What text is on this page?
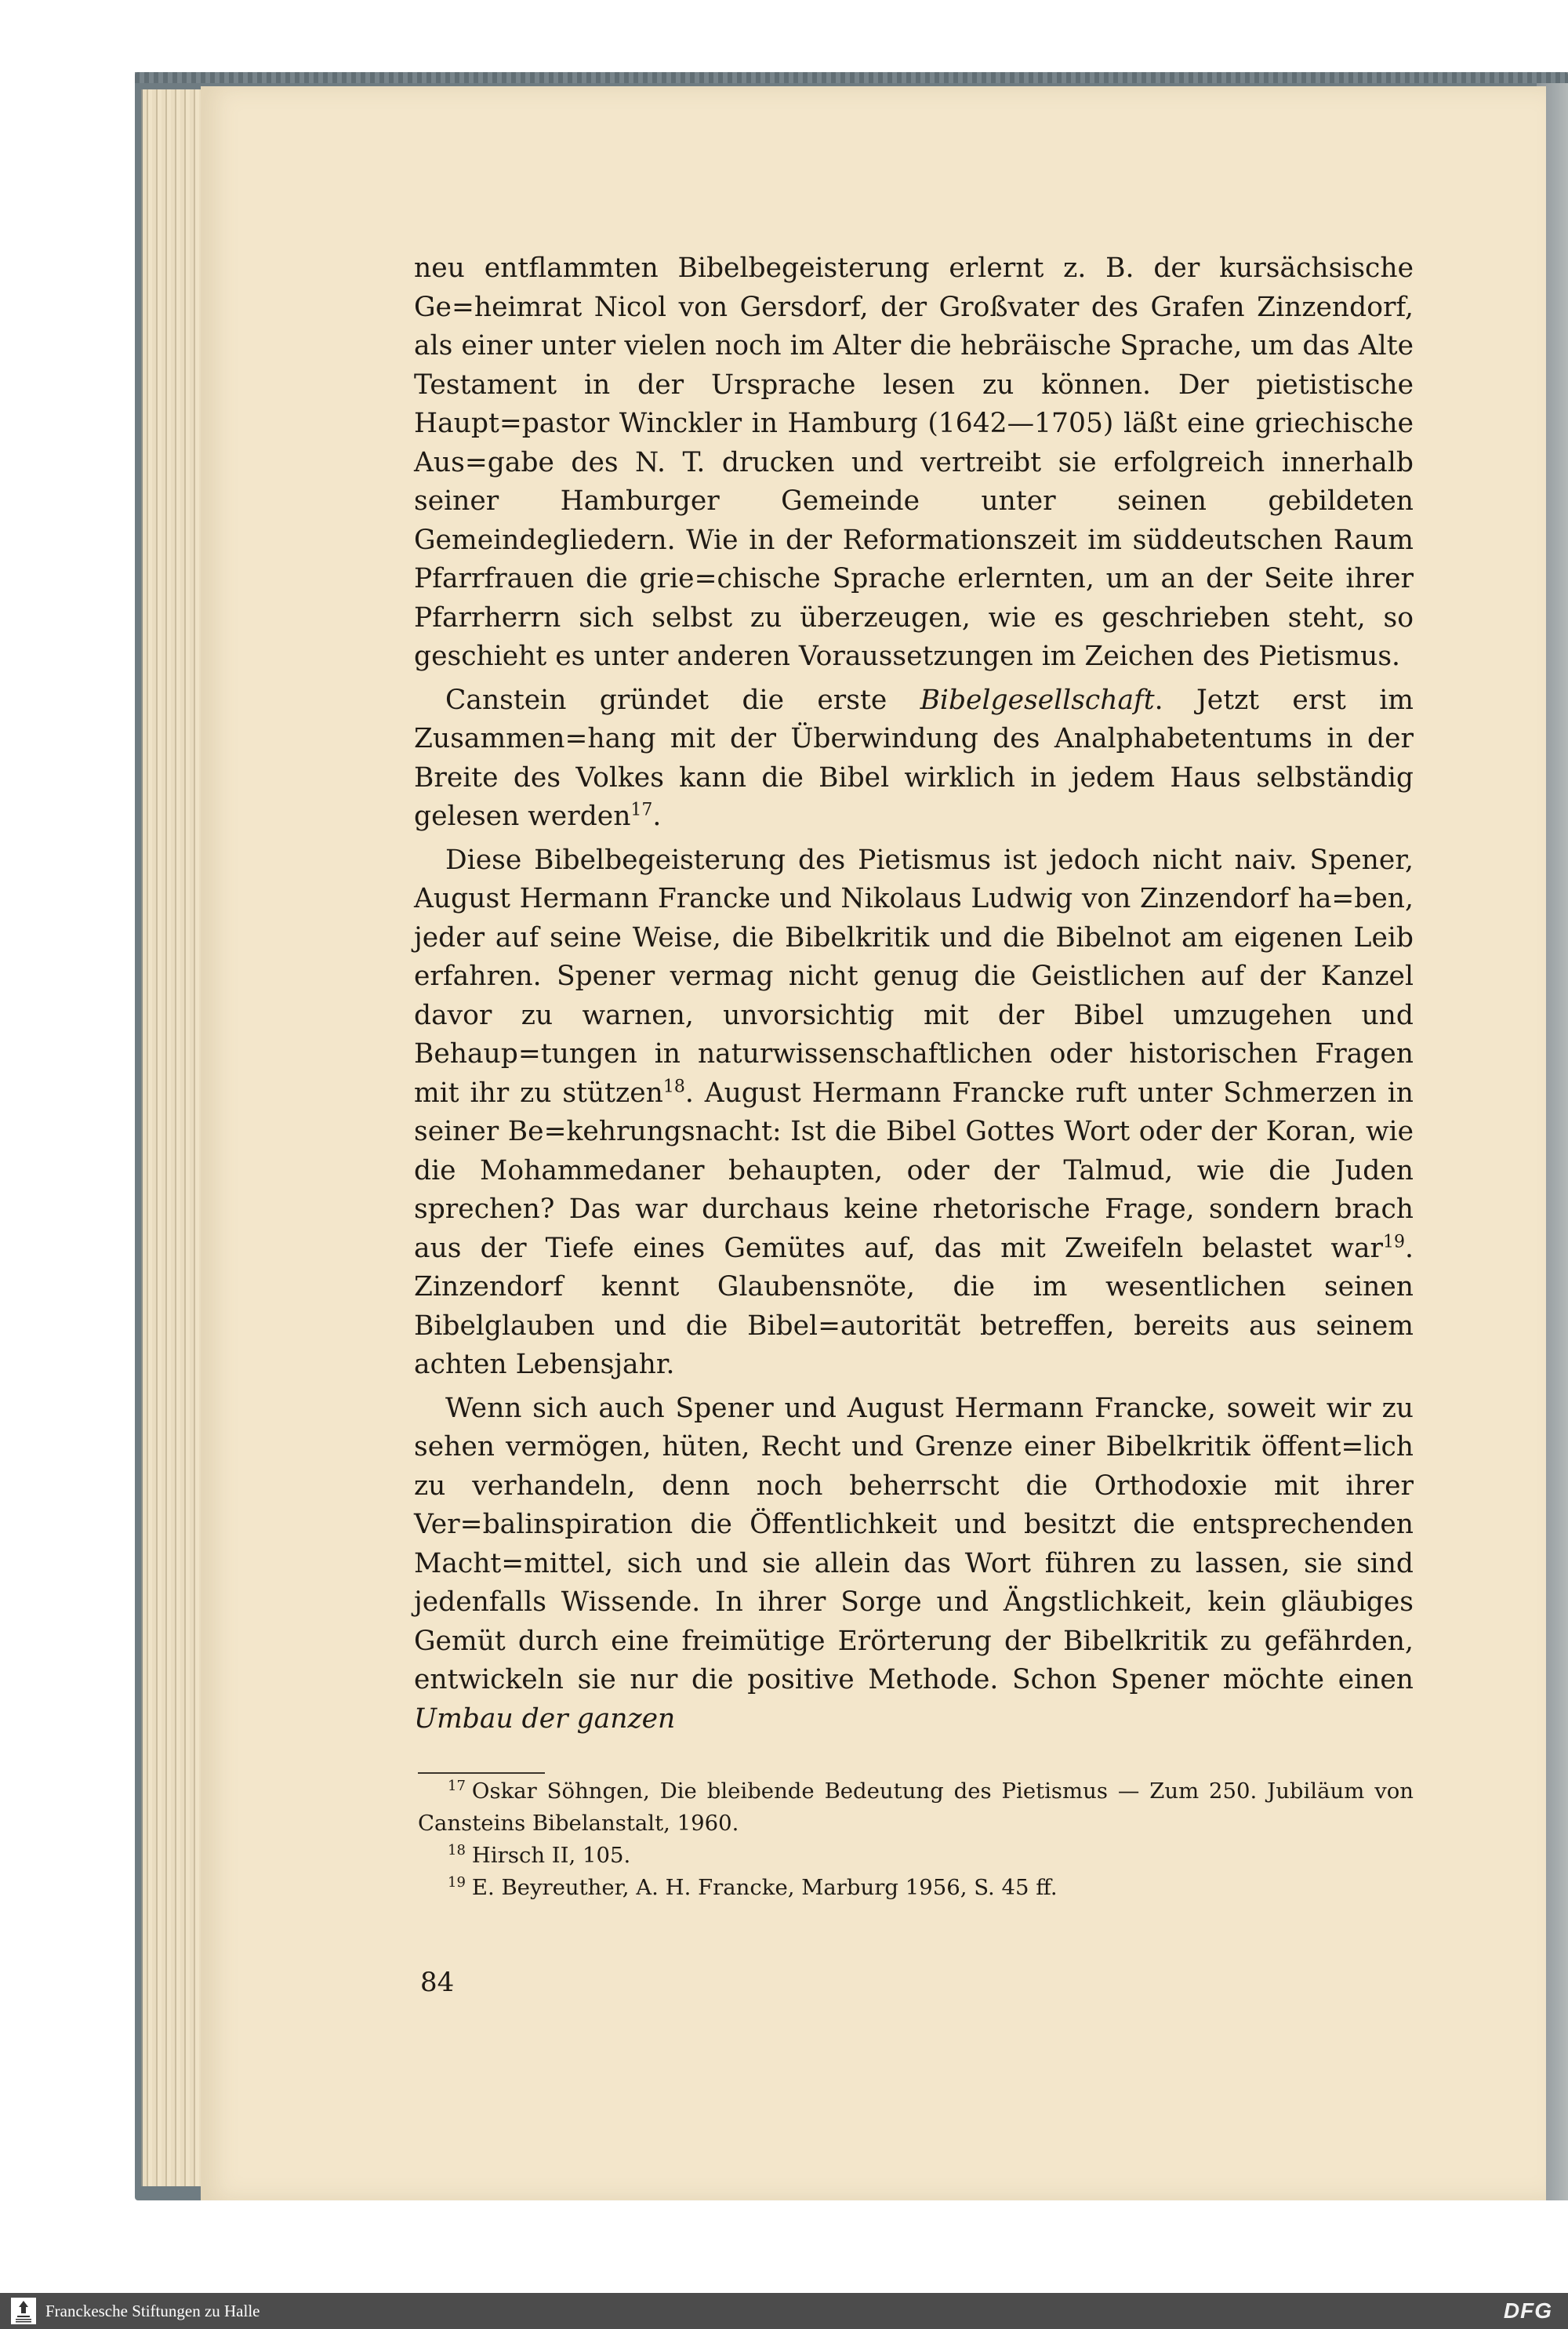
neu entflammten Bibelbegeisterung erlernt z. B. der kursächsische Ge=heimrat Nicol von Gersdorf, der Großvater des Grafen Zinzendorf, als einer unter vielen noch im Alter die hebräische Sprache, um das Alte Testament in der Ursprache lesen zu können. Der pietistische Haupt=pastor Winckler in Hamburg (1642—1705) läßt eine griechische Aus=gabe des N. T. drucken und vertreibt sie erfolgreich innerhalb seiner Hamburger Gemeinde unter seinen gebildeten Gemeindegliedern. Wie in der Reformationszeit im süddeutschen Raum Pfarrfrauen die grie=chische Sprache erlernten, um an der Seite ihrer Pfarrherrn sich selbst zu überzeugen, wie es geschrieben steht, so geschieht es unter anderen Voraussetzungen im Zeichen des Pietismus.

Canstein gründet die erste Bibelgesellschaft. Jetzt erst im Zusammen=hang mit der Überwindung des Analphabetentums in der Breite des Volkes kann die Bibel wirklich in jedem Haus selbständig gelesen werden$^{17}$.

Diese Bibelbegeisterung des Pietismus ist jedoch nicht naiv. Spener, August Hermann Francke und Nikolaus Ludwig von Zinzendorf ha=ben, jeder auf seine Weise, die Bibelkritik und die Bibelnot am eigenen Leib erfahren. Spener vermag nicht genug die Geistlichen auf der Kanzel davor zu warnen, unvorsichtig mit der Bibel umzugehen und Behaup=tungen in naturwissenschaftlichen oder historischen Fragen mit ihr zu stützen$^{18}$. August Hermann Francke ruft unter Schmerzen in seiner Be=kehrungsnacht: Ist die Bibel Gottes Wort oder der Koran, wie die Mohammedaner behaupten, oder der Talmud, wie die Juden sprechen? Das war durchaus keine rhetorische Frage, sondern brach aus der Tiefe eines Gemütes auf, das mit Zweifeln belastet war$^{19}$. Zinzendorf kennt Glaubensnöte, die im wesentlichen seinen Bibelglauben und die Bibel=autorität betreffen, bereits aus seinem achten Lebensjahr.

Wenn sich auch Spener und August Hermann Francke, soweit wir zu sehen vermögen, hüten, Recht und Grenze einer Bibelkritik öffent=lich zu verhandeln, denn noch beherrscht die Orthodoxie mit ihrer Ver=balinspiration die Öffentlichkeit und besitzt die entsprechenden Macht=mittel, sich und sie allein das Wort führen zu lassen, sie sind jedenfalls Wissende. In ihrer Sorge und Ängstlichkeit, kein gläubiges Gemüt durch eine freimütige Erörterung der Bibelkritik zu gefährden, entwickeln sie nur die positive Methode. Schon Spener möchte einen Umbau der ganzen

$^{17}$ Oskar Söhngen, Die bleibende Bedeutung des Pietismus — Zum 250. Jubiläum von Cansteins Bibelanstalt, 1960.

$^{18}$ Hirsch II, 105.

$^{19}$ E. Beyreuther, A. H. Francke, Marburg 1956, S. 45 ff.

84
Franckesche Stiftungen zu Halle	DFG
